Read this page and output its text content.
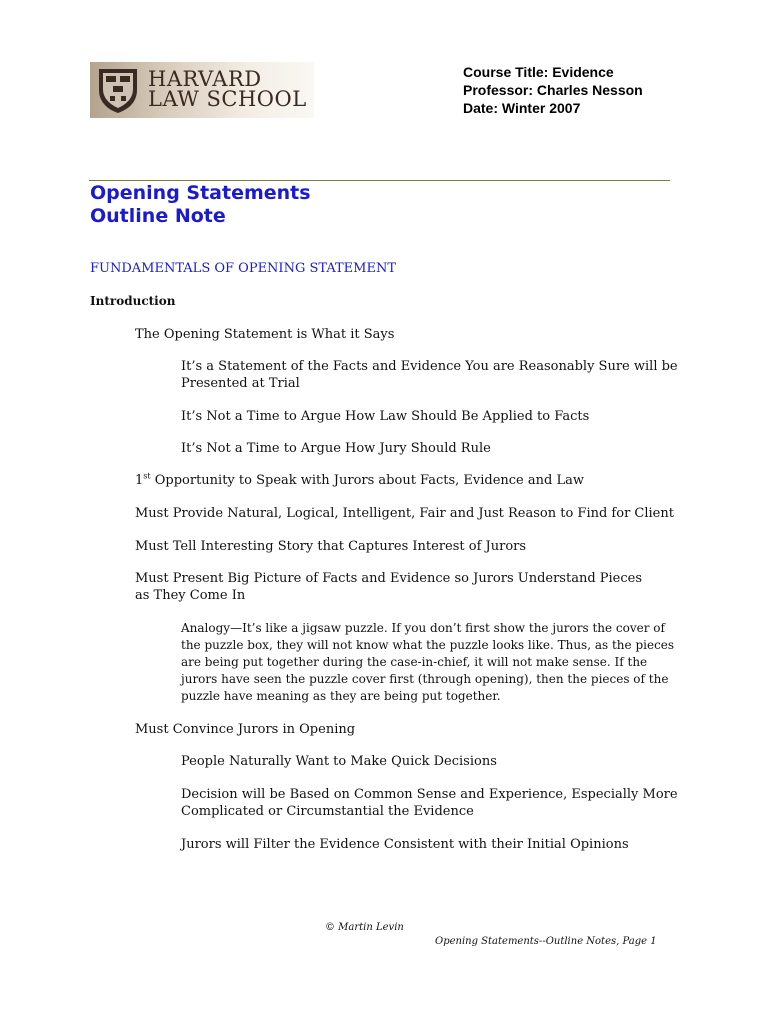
HARVARD
LAW SCHOOL
Course Title: Evidence
Professor: Charles Nesson
Date: Winter 2007
Opening Statements
Outline Note
FUNDAMENTALS OF OPENING STATEMENT
Introduction

The Opening Statement is What it Says

It’s a Statement of the Facts and Evidence You are Reasonably Sure will be Presented at Trial

It’s Not a Time to Argue How Law Should Be Applied to Facts

It’s Not a Time to Argue How Jury Should Rule

1st Opportunity to Speak with Jurors about Facts, Evidence and Law

Must Provide Natural, Logical, Intelligent, Fair and Just Reason to Find for Client

Must Tell Interesting Story that Captures Interest of Jurors

Must Present Big Picture of Facts and Evidence so Jurors Understand Pieces as They Come In

Analogy—It’s like a jigsaw puzzle. If you don’t first show the jurors the cover of the puzzle box, they will not know what the puzzle looks like. Thus, as the pieces are being put together during the case-in-chief, it will not make sense. If the jurors have seen the puzzle cover first (through opening), then the pieces of the puzzle have meaning as they are being put together.

Must Convince Jurors in Opening

People Naturally Want to Make Quick Decisions

Decision will be Based on Common Sense and Experience, Especially More Complicated or Circumstantial the Evidence

Jurors will Filter the Evidence Consistent with their Initial Opinions

© Martin Levin
Opening Statements--Outline Notes, Page 1
